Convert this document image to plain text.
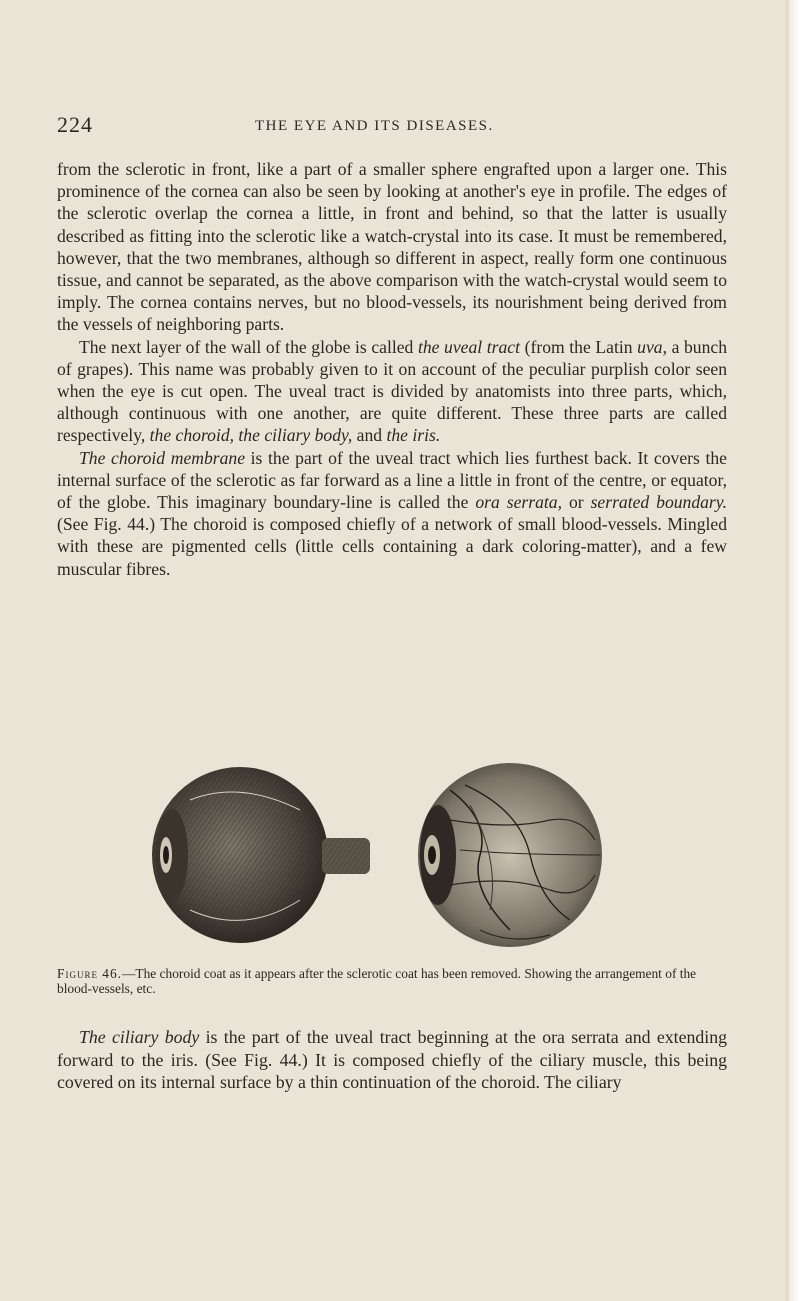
224	THE EYE AND ITS DISEASES.

from the sclerotic in front, like a part of a smaller sphere engrafted upon a larger one. This prominence of the cornea can also be seen by looking at another's eye in profile. The edges of the sclerotic overlap the cornea a little, in front and behind, so that the latter is usually described as fitting into the sclerotic like a watch-crystal into its case. It must be remembered, however, that the two membranes, although so different in aspect, really form one continuous tissue, and cannot be separated, as the above comparison with the watch-crystal would seem to imply. The cornea contains nerves, but no blood-vessels, its nourishment being derived from the vessels of neighboring parts.

The next layer of the wall of the globe is called the uveal tract (from the Latin uva, a bunch of grapes). This name was probably given to it on account of the peculiar purplish color seen when the eye is cut open. The uveal tract is divided by anatomists into three parts, which, although continuous with one another, are quite different. These three parts are called respectively, the choroid, the ciliary body, and the iris.

The choroid membrane is the part of the uveal tract which lies furthest back. It covers the internal surface of the sclerotic as far forward as a line a little in front of the centre, or equator, of the globe. This imaginary boundary-line is called the ora serrata, or serrated boundary. (See Fig. 44.) The choroid is composed chiefly of a network of small blood-vessels. Mingled with these are pigmented cells (little cells containing a dark coloring-matter), and a few muscular fibres.

Figure 46.—The choroid coat as it appears after the sclerotic coat has been removed. Showing the arrangement of the blood-vessels, etc.

The ciliary body is the part of the uveal tract beginning at the ora serrata and extending forward to the iris. (See Fig. 44.) It is composed chiefly of the ciliary muscle, this being covered on its internal surface by a thin continuation of the choroid. The ciliary
